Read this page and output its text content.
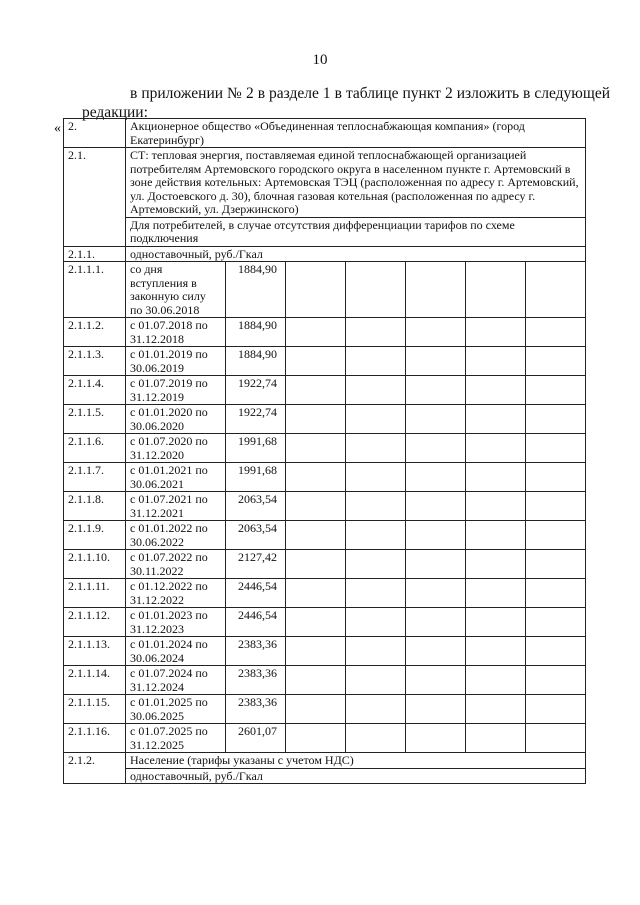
10
в приложении № 2 в разделе 1 в таблице пункт 2 изложить в следующей редакции:
« 2.	Акционерное общество «Объединенная теплоснабжающая компания» (город Екатеринбург)						
2.1.	СТ: тепловая энергия, поставляемая единой теплоснабжающей организацией потребителям Артемовского городского округа в населенном пункте г. Артемовский в зоне действия котельных: Артемовская ТЭЦ (расположенная по адресу г. Артемовский, ул. Достоевского д. 30), блочная газовая котельная (расположенная по адресу г. Артемовский, ул. Дзержинского)						
	Для потребителей, в случае отсутствия дифференциации тарифов по схеме подключения						
2.1.1.	одноставочный, руб./Гкал						
2.1.1.1.	со дня вступления в законную силу по 30.06.2018	1884,90					
2.1.1.2.	с 01.07.2018 по 31.12.2018	1884,90					
2.1.1.3.	с 01.01.2019 по 30.06.2019	1884,90					
2.1.1.4.	с 01.07.2019 по 31.12.2019	1922,74					
2.1.1.5.	с 01.01.2020 по 30.06.2020	1922,74					
2.1.1.6.	с 01.07.2020 по 31.12.2020	1991,68					
2.1.1.7.	с 01.01.2021 по 30.06.2021	1991,68					
2.1.1.8.	с 01.07.2021 по 31.12.2021	2063,54					
2.1.1.9.	с 01.01.2022 по 30.06.2022	2063,54					
2.1.1.10.	с 01.07.2022 по 30.11.2022	2127,42					
2.1.1.11.	с 01.12.2022 по 31.12.2022	2446,54					
2.1.1.12.	с 01.01.2023 по 31.12.2023	2446,54					
2.1.1.13.	с 01.01.2024 по 30.06.2024	2383,36					
2.1.1.14.	с 01.07.2024 по 31.12.2024	2383,36					
2.1.1.15.	с 01.01.2025 по 30.06.2025	2383,36					
2.1.1.16.	с 01.07.2025 по 31.12.2025	2601,07					
2.1.2.	Население (тарифы указаны с учетом НДС)						
	одноставочный, руб./Гкал						
